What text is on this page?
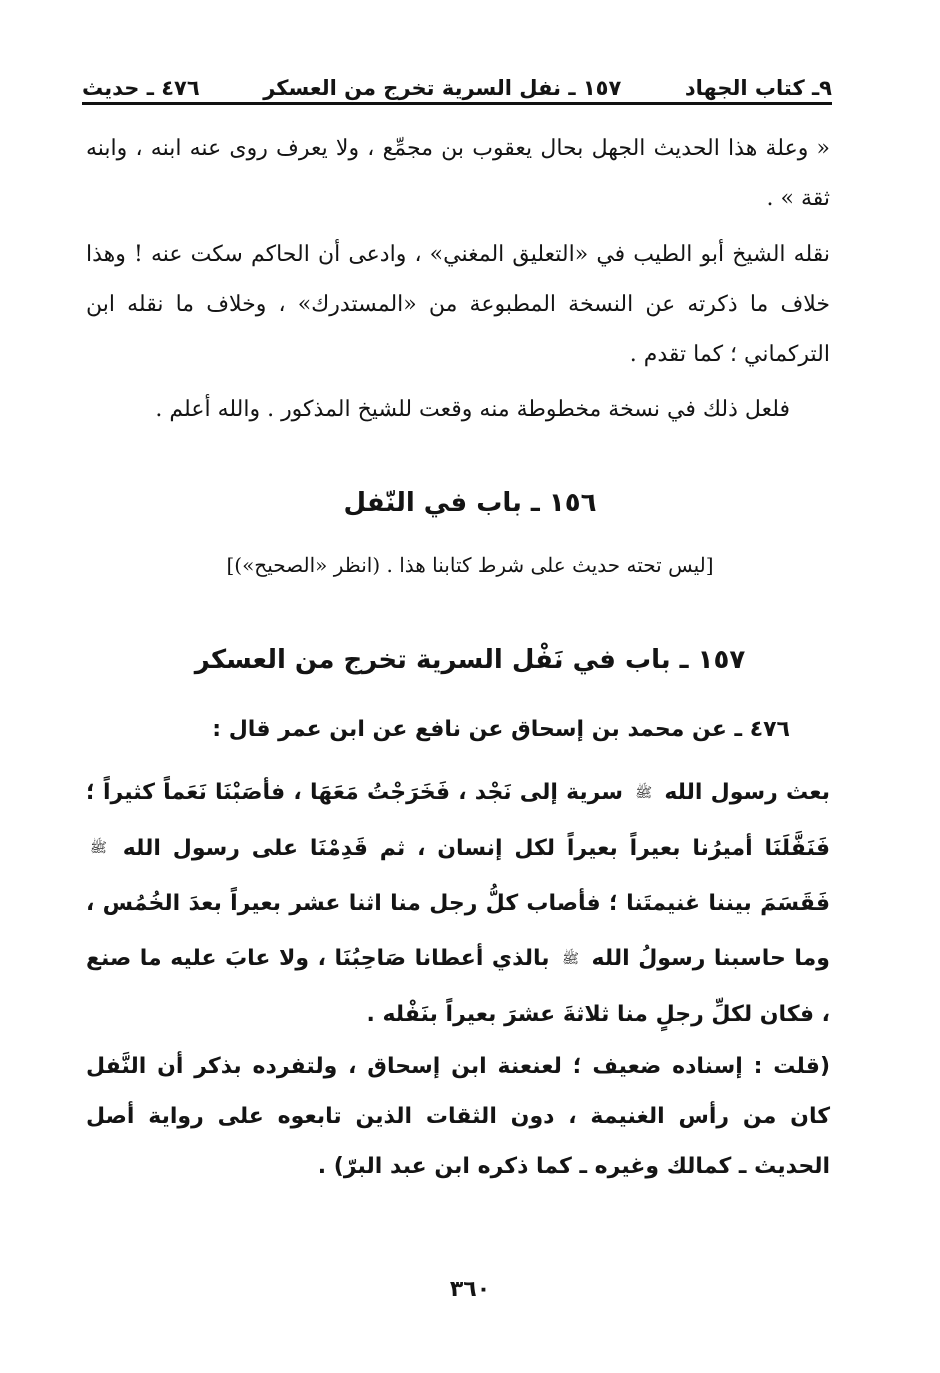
٩ـ كتاب الجهاد
١٥٧ ـ نفل السرية تخرج من العسكر
٤٧٦ ـ حديث

« وعلة هذا الحديث الجهل بحال يعقوب بن مجمِّع ، ولا يعرف روى عنه ابنه ، وابنه ثقة » .

نقله الشيخ أبو الطيب في «التعليق المغني» ، وادعى أن الحاكم سكت عنه ! وهذا خلاف ما ذكرته عن النسخة المطبوعة من «المستدرك» ، وخلاف ما نقله ابن التركماني ؛ كما تقدم .

فلعل ذلك في نسخة مخطوطة منه وقعت للشيخ المذكور . والله أعلم .

١٥٦ ـ باب في النّفل
[ليس تحته حديث على شرط كتابنا هذا . (انظر «الصحيح»)]
١٥٧ ـ باب في نَفْل السرية تخرج من العسكر

٤٧٦ ـ عن محمد بن إسحاق عن نافع عن ابن عمر قال :

بعث رسول الله ﷺ سرية إلى نَجْد ، فَخَرَجْتُ مَعَهَا ، فأصَبْنَا نَعَماً كثيراً ؛ فَنَفَّلَنَا أميرُنا بعيراً بعيراً لكل إنسان ، ثم قَدِمْنَا على رسول الله ﷺ فَقَسَمَ بيننا غنيمتَنا ؛ فأصاب كلُّ رجل منا اثنا عشر بعيراً بعدَ الخُمُس ، وما حاسبنا رسولُ الله ﷺ بالذي أعطانا صَاحِبُنَا ، ولا عابَ عليه ما صنع ، فكان لكلِّ رجلٍ منا ثلاثةَ عشرَ بعيراً بنَفْله .

(قلت : إسناده ضعيف ؛ لعنعنة ابن إسحاق ، ولتفرده بذكر أن النَّفل كان من رأس الغنيمة ، دون الثقات الذين تابعوه على رواية أصل الحديث ـ كمالك وغيره ـ كما ذكره ابن عبد البرّ) .

٣٦٠
